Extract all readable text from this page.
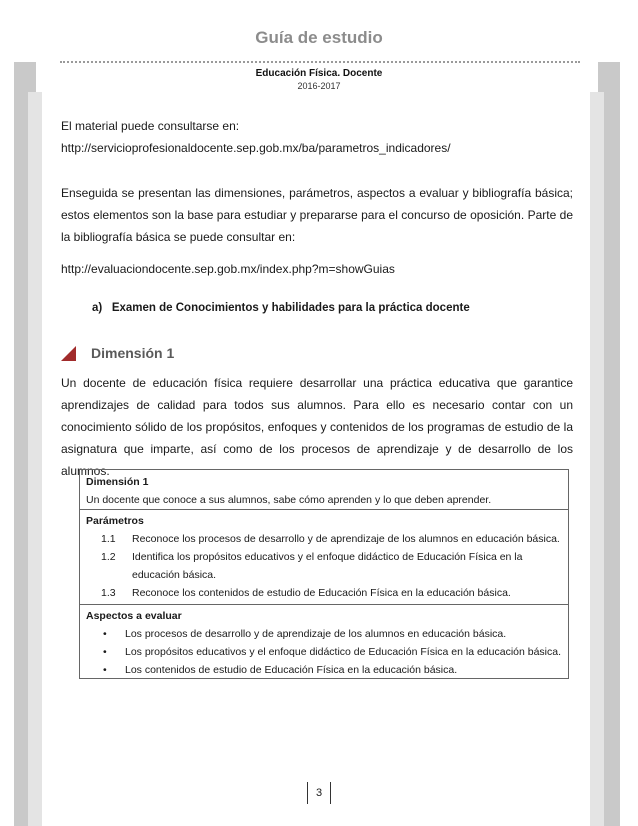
Guía de estudio
Educación Física. Docente
2016-2017

El material puede consultarse en:

http://servicioprofesionaldocente.sep.gob.mx/ba/parametros_indicadores/

Enseguida se presentan las dimensiones, parámetros, aspectos a evaluar y bibliografía básica; estos elementos son la base para estudiar y prepararse para el concurso de oposición. Parte de la bibliografía básica se puede consultar en:

http://evaluaciondocente.sep.gob.mx/index.php?m=showGuias

a) Examen de Conocimientos y habilidades para la práctica docente
Dimensión 1

Un docente de educación física requiere desarrollar una práctica educativa que garantice aprendizajes de calidad para todos sus alumnos. Para ello es necesario contar con un conocimiento sólido de los propósitos, enfoques y contenidos de los programas de estudio de la asignatura que imparte, así como de los procesos de aprendizaje y de desarrollo de los alumnos.

Dimensión 1
Un docente que conoce a sus alumnos, sabe cómo aprenden y lo que deben aprender.
Parámetros
1.1	Reconoce los procesos de desarrollo y de aprendizaje de los alumnos en educación básica.
1.2	Identifica los propósitos educativos y el enfoque didáctico de Educación Física en la
educación básica.
1.3	Reconoce los contenidos de estudio de Educación Física en la educación básica.
Aspectos a evaluar
•	Los procesos de desarrollo y de aprendizaje de los alumnos en educación básica.
•	Los propósitos educativos y el enfoque didáctico de Educación Física en la educación básica.
•	Los contenidos de estudio de Educación Física en la educación básica.
3
